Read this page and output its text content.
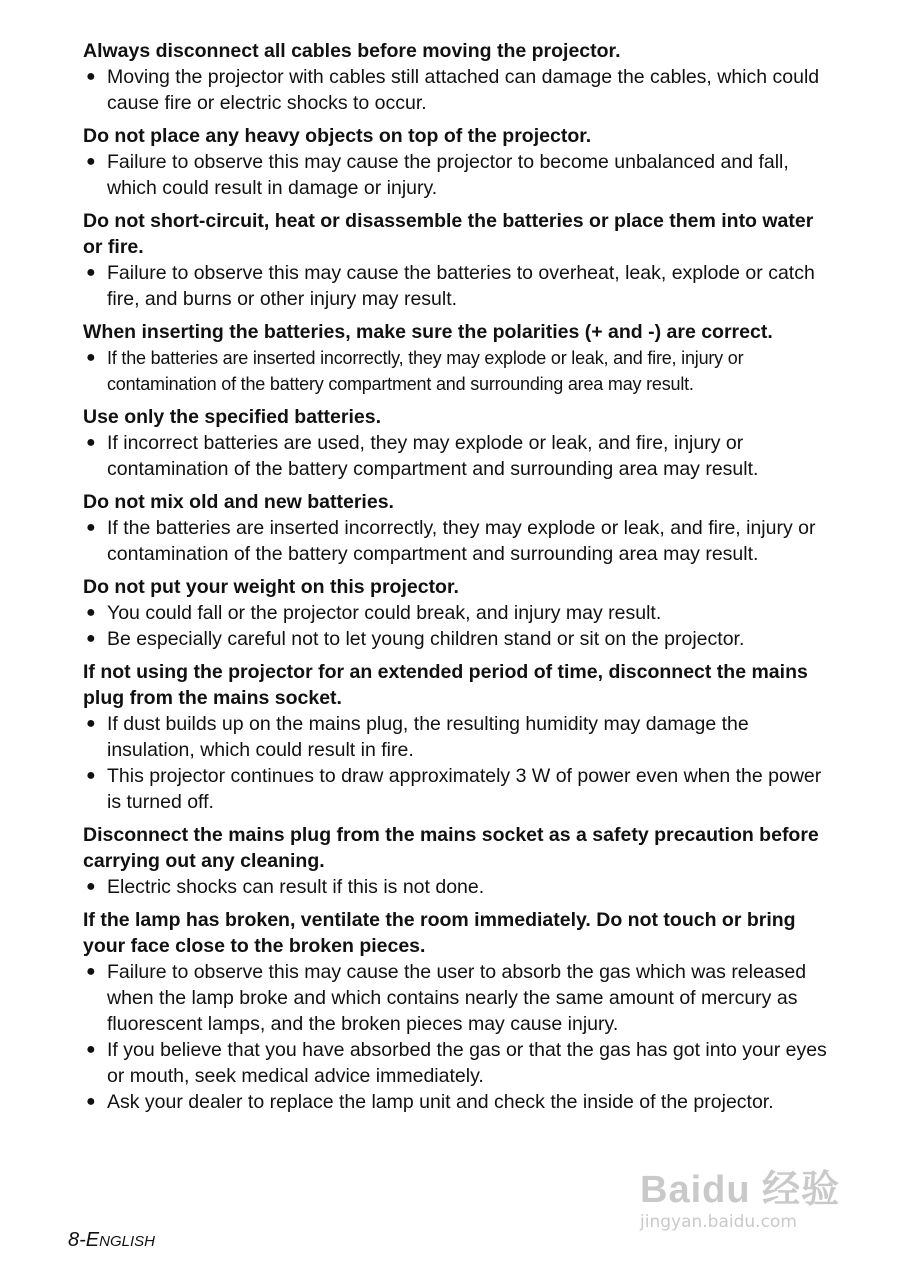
Always disconnect all cables before moving the projector.

● Moving the projector with cables still attached can damage the cables, which could cause fire or electric shocks to occur.

Do not place any heavy objects on top of the projector.

● Failure to observe this may cause the projector to become unbalanced and fall, which could result in damage or injury.

Do not short-circuit, heat or disassemble the batteries or place them into water or fire.

● Failure to observe this may cause the batteries to overheat, leak, explode or catch fire, and burns or other injury may result.

When inserting the batteries, make sure the polarities (+ and -) are correct.

● If the batteries are inserted incorrectly, they may explode or leak, and fire, injury or contamination of the battery compartment and surrounding area may result.

Use only the specified batteries.

● If incorrect batteries are used, they may explode or leak, and fire, injury or contamination of the battery compartment and surrounding area may result.

Do not mix old and new batteries.

● If the batteries are inserted incorrectly, they may explode or leak, and fire, injury or contamination of the battery compartment and surrounding area may result.

Do not put your weight on this projector.

● You could fall or the projector could break, and injury may result.
● Be especially careful not to let young children stand or sit on the projector.

If not using the projector for an extended period of time, disconnect the mains plug from the mains socket.

● If dust builds up on the mains plug, the resulting humidity may damage the insulation, which could result in fire.
● This projector continues to draw approximately 3 W of power even when the power is turned off.

Disconnect the mains plug from the mains socket as a safety precaution before carrying out any cleaning.

● Electric shocks can result if this is not done.

If the lamp has broken, ventilate the room immediately. Do not touch or bring your face close to the broken pieces.

● Failure to observe this may cause the user to absorb the gas which was released when the lamp broke and which contains nearly the same amount of mercury as fluorescent lamps, and the broken pieces may cause injury.
● If you believe that you have absorbed the gas or that the gas has got into your eyes or mouth, seek medical advice immediately.
● Ask your dealer to replace the lamp unit and check the inside of the projector.
8-ENGLISH
Baidu 经验
jingyan.baidu.com
